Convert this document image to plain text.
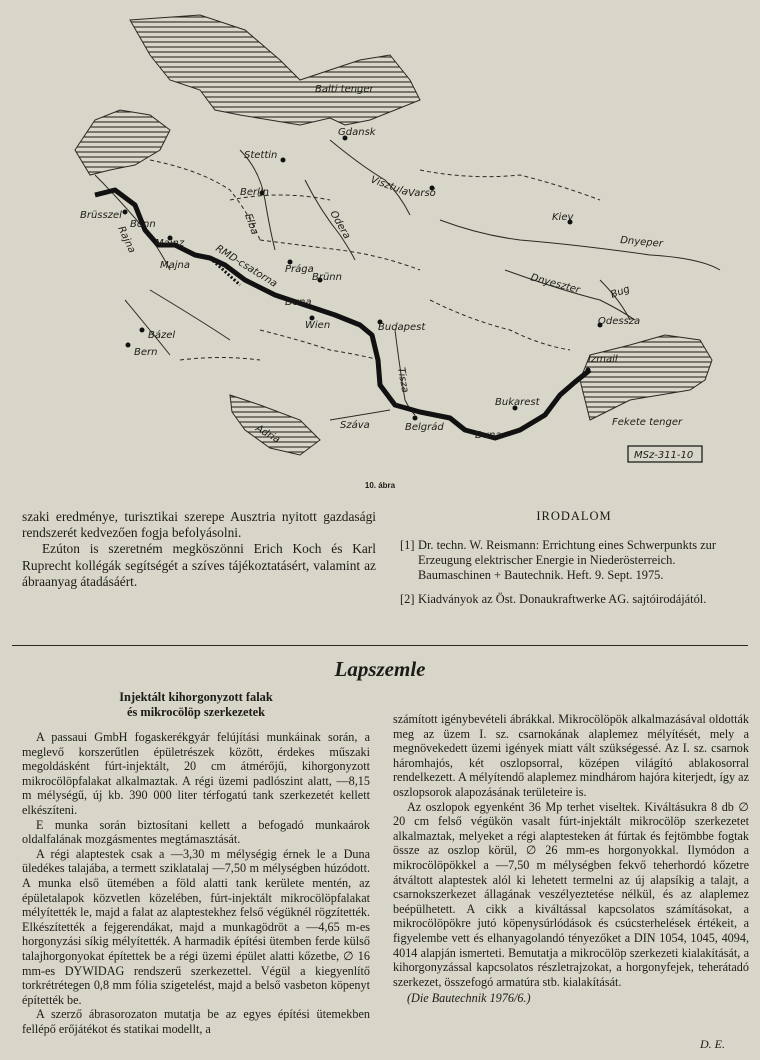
Balti tenger
Gdansk
Stettin
Visztula
Varsó
Berlin
Elba	Odera	Kiev
Dnyeper
Bonn
Brüsszel
Rajna Mainz
Majna RMD-csatorna Prága
Brünn
Duna
Dnyeszter	Bug
Bázel
Bern
Wien	Budapest
Odessza
Izmail
Tisza
Bukarest
Adria	Száva	Belgrád
Duna
Fekete tenger
MSz-311-10
10. ábra

szaki eredménye, turisztikai szerepe Ausztria nyitott gazdasági rendszerét kedvezően fogja befolyásolni.

Ezúton is szeretném megköszönni Erich Koch és Karl Ruprecht kollégák segítségét a szíves tájékoztatásért, valamint az ábraanyag átadásáért.

IRODALOM
[1] Dr. techn. W. Reismann: Errichtung eines Schwerpunkts zur Erzeugung elektrischer Energie in Niederösterreich. Baumaschinen + Bautechnik. Heft. 9. Sept. 1975.
[2] Kiadványok az Öst. Donaukraftwerke AG. sajtóirodájától.
Lapszemle
Injektált kihorgonyzott falak
és mikrocölöp szerkezetek

A passaui GmbH fogaskerékgyár felújítási munkáinak során, a meglevő korszerűtlen épületrészek között, érdekes műszaki megoldásként fúrt-injektált, 20 cm átmérőjű, kihorgonyzott mikrocölöpfalakat alkalmaztak. A régi üzemi padlószint alatt, —8,15 m mélységű, új kb. 390 000 liter térfogatú tank szerkezetét kellett elkészíteni.

E munka során biztosítani kellett a befogadó munkaárok oldalfalának mozgásmentes megtámasztását.

A régi alaptestek csak a —3,30 m mélységig érnek le a Duna üledékes talajába, a termett sziklatalaj —7,50 m mélységben húzódott. A munka első ütemében a föld alatti tank kerülete mentén, az épületalapok közvetlen közelében, fúrt-injektált mikrocölöpfalakat mélyítették le, majd a falat az alaptestekhez felső végüknél rögzítették. Elkészítették a fejgerendákat, majd a munkagödröt a —4,65 m-es horgonyzási síkig mélyítették. A harmadik építési ütemben ferde külső talajhorgonyokat építettek be a régi üzemi épület alatti kőzetbe, ∅ 16 mm-es DYWIDAG rendszerű szerkezettel. Végül a kiegyenlítő torkrétrétegen 0,8 mm fólia szigetelést, majd a belső vasbeton köpenyt építették be.

A szerző ábrasorozaton mutatja be az egyes építési ütemekben fellépő erőjátékot és statikai modellt, a

számított igénybevételi ábrákkal. Mikrocölöpök alkalmazásával oldották meg az üzem I. sz. csarnokának alaplemez mélyítését, mely a megnövekedett üzemi igények miatt vált szükségessé. Az I. sz. csarnok háromhajós, két oszlopsorral, középen világító ablakosorral rendelkezett. A mélyítendő alaplemez mindhárom hajóra kiterjedt, így az oszlopsorok alapozásának területeire is.

Az oszlopok egyenként 36 Mp terhet viseltek. Kiváltásukra 8 db ∅ 20 cm felső végükön vasalt fúrt-injektált mikrocölöp szerkezetet alkalmaztak, melyeket a régi alaptesteken át fúrtak és fejtömbbe fogtak össze az oszlop körül, ∅ 26 mm-es horgonyokkal. Ilymódon a mikrocölöpökkel a —7,50 m mélységben fekvő teherhordó kőzetre átváltott alaptestek alól ki lehetett termelni az új alapsíkig a talajt, a csarnokszerkezet állagának veszélyeztetése nélkül, és az alaplemez beépülhetett. A cikk a kiváltással kapcsolatos számításokat, a mikrocölöpökre jutó köpenysúrlódások és csúcsterhelések értékeit, a figyelembe vett és elhanyagolandó tényezőket a DIN 1054, 1045, 4094, 4014 alapján ismerteti. Bemutatja a mikrocölöp szerkezeti kialakítását, a kihorgonyzással kapcsolatos részletrajzokat, a horgonyfejek, teherátadó szerkezet, összefogó armatúra stb. kialakítását.

(Die Bautechnik 1976/6.)

D. E.
